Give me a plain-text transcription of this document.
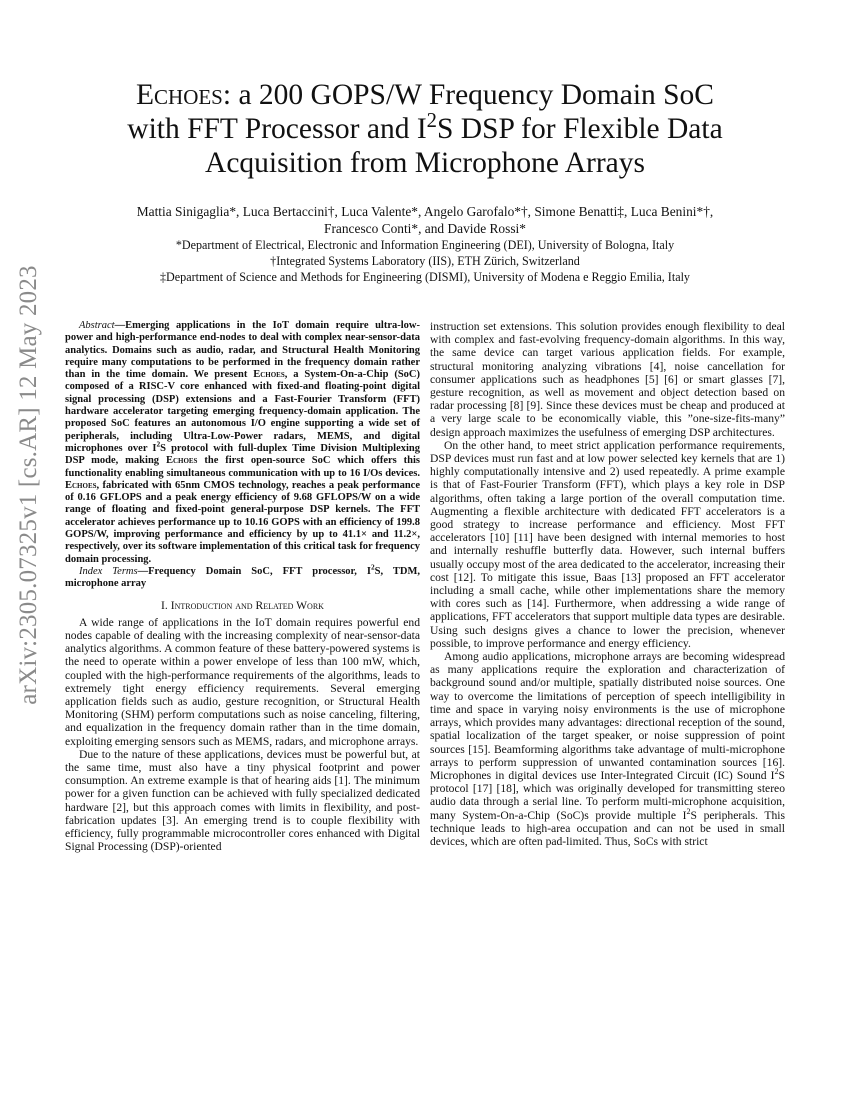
arXiv:2305.07325v1 [cs.AR] 12 May 2023
Echoes: a 200 GOPS/W Frequency Domain SoC
with FFT Processor and $I^2S$ DSP for Flexible Data
Acquisition from Microphone Arrays
Mattia Sinigaglia*, Luca Bertaccini†, Luca Valente*, Angelo Garofalo*†, Simone Benatti‡, Luca Benini*†,
Francesco Conti*, and Davide Rossi*
*Department of Electrical, Electronic and Information Engineering (DEI), University of Bologna, Italy
†Integrated Systems Laboratory (IIS), ETH Zürich, Switzerland
‡Department of Science and Methods for Engineering (DISMI), University of Modena e Reggio Emilia, Italy

Abstract—Emerging applications in the IoT domain require ultra-low-power and high-performance end-nodes to deal with complex near-sensor-data analytics. Domains such as audio, radar, and Structural Health Monitoring require many computations to be performed in the frequency domain rather than in the time domain. We present Echoes, a System-On-a-Chip (SoC) composed of a RISC-V core enhanced with fixed-and floating-point digital signal processing (DSP) extensions and a Fast-Fourier Transform (FFT) hardware accelerator targeting emerging frequency-domain application. The proposed SoC features an autonomous I/O engine supporting a wide set of peripherals, including Ultra-Low-Power radars, MEMS, and digital microphones over $I^2S$ protocol with full-duplex Time Division Multiplexing DSP mode, making Echoes the first open-source SoC which offers this functionality enabling simultaneous communication with up to 16 I/Os devices. Echoes, fabricated with 65nm CMOS technology, reaches a peak performance of 0.16 GFLOPS and a peak energy efficiency of 9.68 GFLOPS/W on a wide range of floating and fixed-point general-purpose DSP kernels. The FFT accelerator achieves performance up to 10.16 GOPS with an efficiency of 199.8 GOPS/W, improving performance and efficiency by up to 41.1× and 11.2×, respectively, over its software implementation of this critical task for frequency domain processing.

Index Terms—Frequency Domain SoC, FFT processor, $I^2S$, TDM, microphone array

I. Introduction and Related Work

A wide range of applications in the IoT domain requires powerful end nodes capable of dealing with the increasing complexity of near-sensor-data analytics algorithms. A common feature of these battery-powered systems is the need to operate within a power envelope of less than 100 mW, which, coupled with the high-performance requirements of the algorithms, leads to extremely tight energy efficiency requirements. Several emerging application fields such as audio, gesture recognition, or Structural Health Monitoring (SHM) perform computations such as noise canceling, filtering, and equalization in the frequency domain rather than in the time domain, exploiting emerging sensors such as MEMS, radars, and microphone arrays.

Due to the nature of these applications, devices must be powerful but, at the same time, must also have a tiny physical footprint and power consumption. An extreme example is that of hearing aids [1]. The minimum power for a given function can be achieved with fully specialized dedicated hardware [2], but this approach comes with limits in flexibility, and post-fabrication updates [3]. An emerging trend is to couple flexibility with efficiency, fully programmable microcontroller cores enhanced with Digital Signal Processing (DSP)-oriented

instruction set extensions. This solution provides enough flexibility to deal with complex and fast-evolving frequency-domain algorithms. In this way, the same device can target various application fields. For example, structural monitoring analyzing vibrations [4], noise cancellation for consumer applications such as headphones [5] [6] or smart glasses [7], gesture recognition, as well as movement and object detection based on radar processing [8] [9]. Since these devices must be cheap and produced at a very large scale to be economically viable, this ”one-size-fits-many” design approach maximizes the usefulness of emerging DSP architectures.

On the other hand, to meet strict application performance requirements, DSP devices must run fast and at low power selected key kernels that are 1) highly computationally intensive and 2) used repeatedly. A prime example is that of Fast-Fourier Transform (FFT), which plays a key role in DSP algorithms, often taking a large portion of the overall computation time. Augmenting a flexible architecture with dedicated FFT accelerators is a good strategy to increase performance and efficiency. Most FFT accelerators [10] [11] have been designed with internal memories to host and internally reshuffle butterfly data. However, such internal buffers usually occupy most of the area dedicated to the accelerator, increasing their cost [12]. To mitigate this issue, Baas [13] proposed an FFT accelerator including a small cache, while other implementations share the memory with cores such as [14]. Furthermore, when addressing a wide range of applications, FFT accelerators that support multiple data types are desirable. Using such designs gives a chance to lower the precision, whenever possible, to improve performance and energy efficiency.

Among audio applications, microphone arrays are becoming widespread as many applications require the exploration and characterization of background sound and/or multiple, spatially distributed noise sources. One way to overcome the limitations of perception of speech intelligibility in time and space in varying noisy environments is the use of microphone arrays, which provides many advantages: directional reception of the sound, spatial localization of the target speaker, or noise suppression of point sources [15]. Beamforming algorithms take advantage of multi-microphone arrays to perform suppression of unwanted contamination sources [16]. Microphones in digital devices use Inter-Integrated Circuit (IC) Sound $I^2S$ protocol [17] [18], which was originally developed for transmitting stereo audio data through a serial line. To perform multi-microphone acquisition, many System-On-a-Chip (SoC)s provide multiple $I^2S$ peripherals. This technique leads to high-area occupation and can not be used in small devices, which are often pad-limited. Thus, SoCs with strict
